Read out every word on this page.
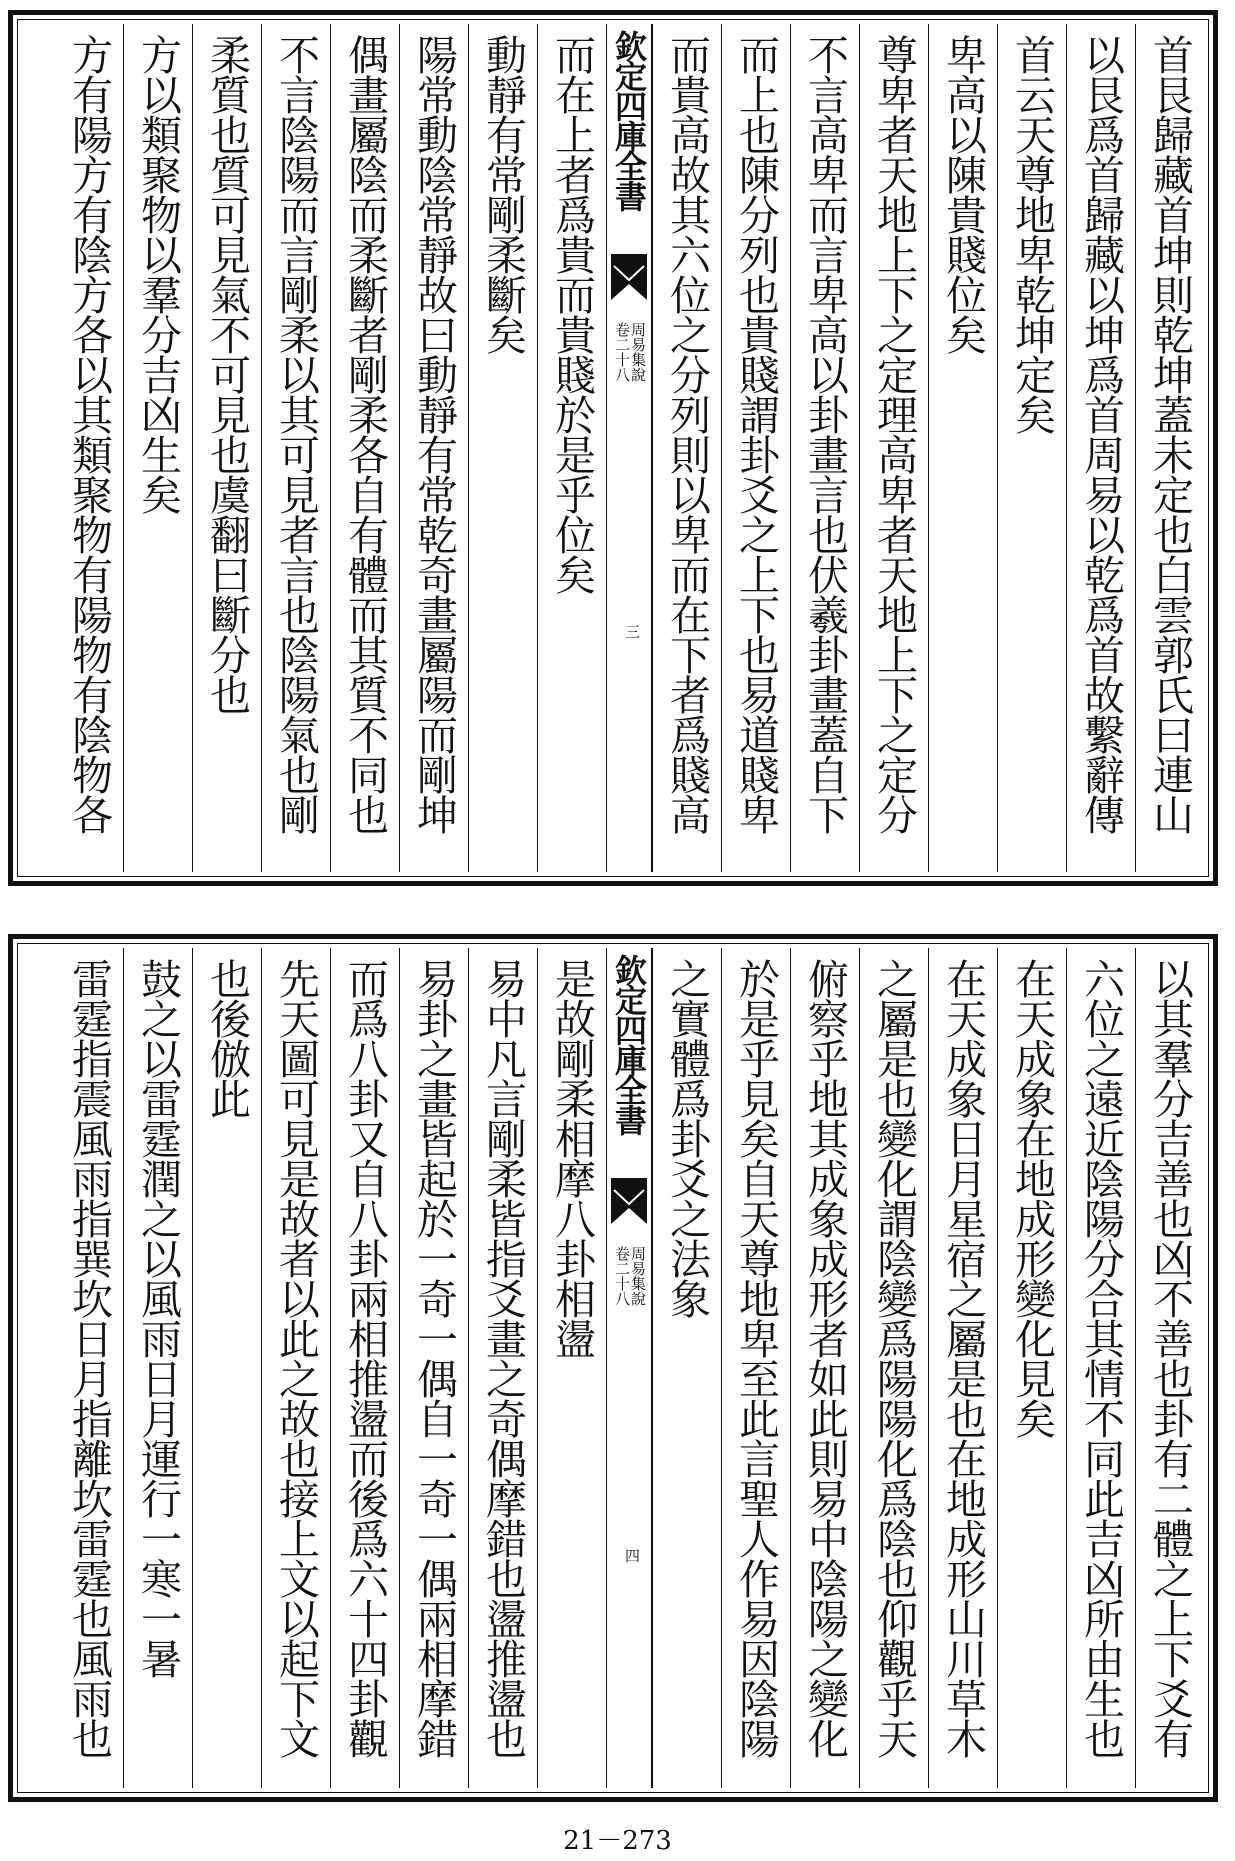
首艮歸藏首坤則乾坤蓋未定也白雲郭氏曰連山
以艮爲首歸藏以坤爲首周易以乾爲首故繫辭傳
首云天尊地卑乾坤定矣
卑高以陳貴賤位矣
尊卑者天地上下之定理高卑者天地上下之定分
不言高卑而言卑高以卦畫言也伏羲卦畫蓋自下
而上也陳分列也貴賤謂卦爻之上下也易道賤卑
而貴高故其六位之分列則以卑而在下者爲賤高
欽定四庫全書
周易集說
卷二十八
三
而在上者爲貴而貴賤於是乎位矣
動靜有常剛柔斷矣
陽常動陰常靜故曰動靜有常乾奇畫屬陽而剛坤
偶畫屬陰而柔斷者剛柔各自有體而其質不同也
不言陰陽而言剛柔以其可見者言也陰陽氣也剛
柔質也質可見氣不可見也虞翻曰斷分也
方以類聚物以羣分吉凶生矣
方有陽方有陰方各以其類聚物有陽物有陰物各
以其羣分吉善也凶不善也卦有二體之上下爻有
六位之遠近陰陽分合其情不同此吉凶所由生也
在天成象在地成形變化見矣
在天成象日月星宿之屬是也在地成形山川草木
之屬是也變化謂陰變爲陽陽化爲陰也仰觀乎天
俯察乎地其成象成形者如此則易中陰陽之變化
於是乎見矣自天尊地卑至此言聖人作易因陰陽
之實體爲卦爻之法象
欽定四庫全書
周易集說
卷二十八
四
是故剛柔相摩八卦相盪
易中凡言剛柔皆指爻畫之奇偶摩錯也盪推盪也
易卦之畫皆起於一奇一偶自一奇一偶兩相摩錯
而爲八卦又自八卦兩相推盪而後爲六十四卦觀
先天圖可見是故者以此之故也接上文以起下文
也後倣此
鼓之以雷霆潤之以風雨日月運行一寒一暑
雷霆指震風雨指巽坎日月指離坎雷霆也風雨也
21－273
